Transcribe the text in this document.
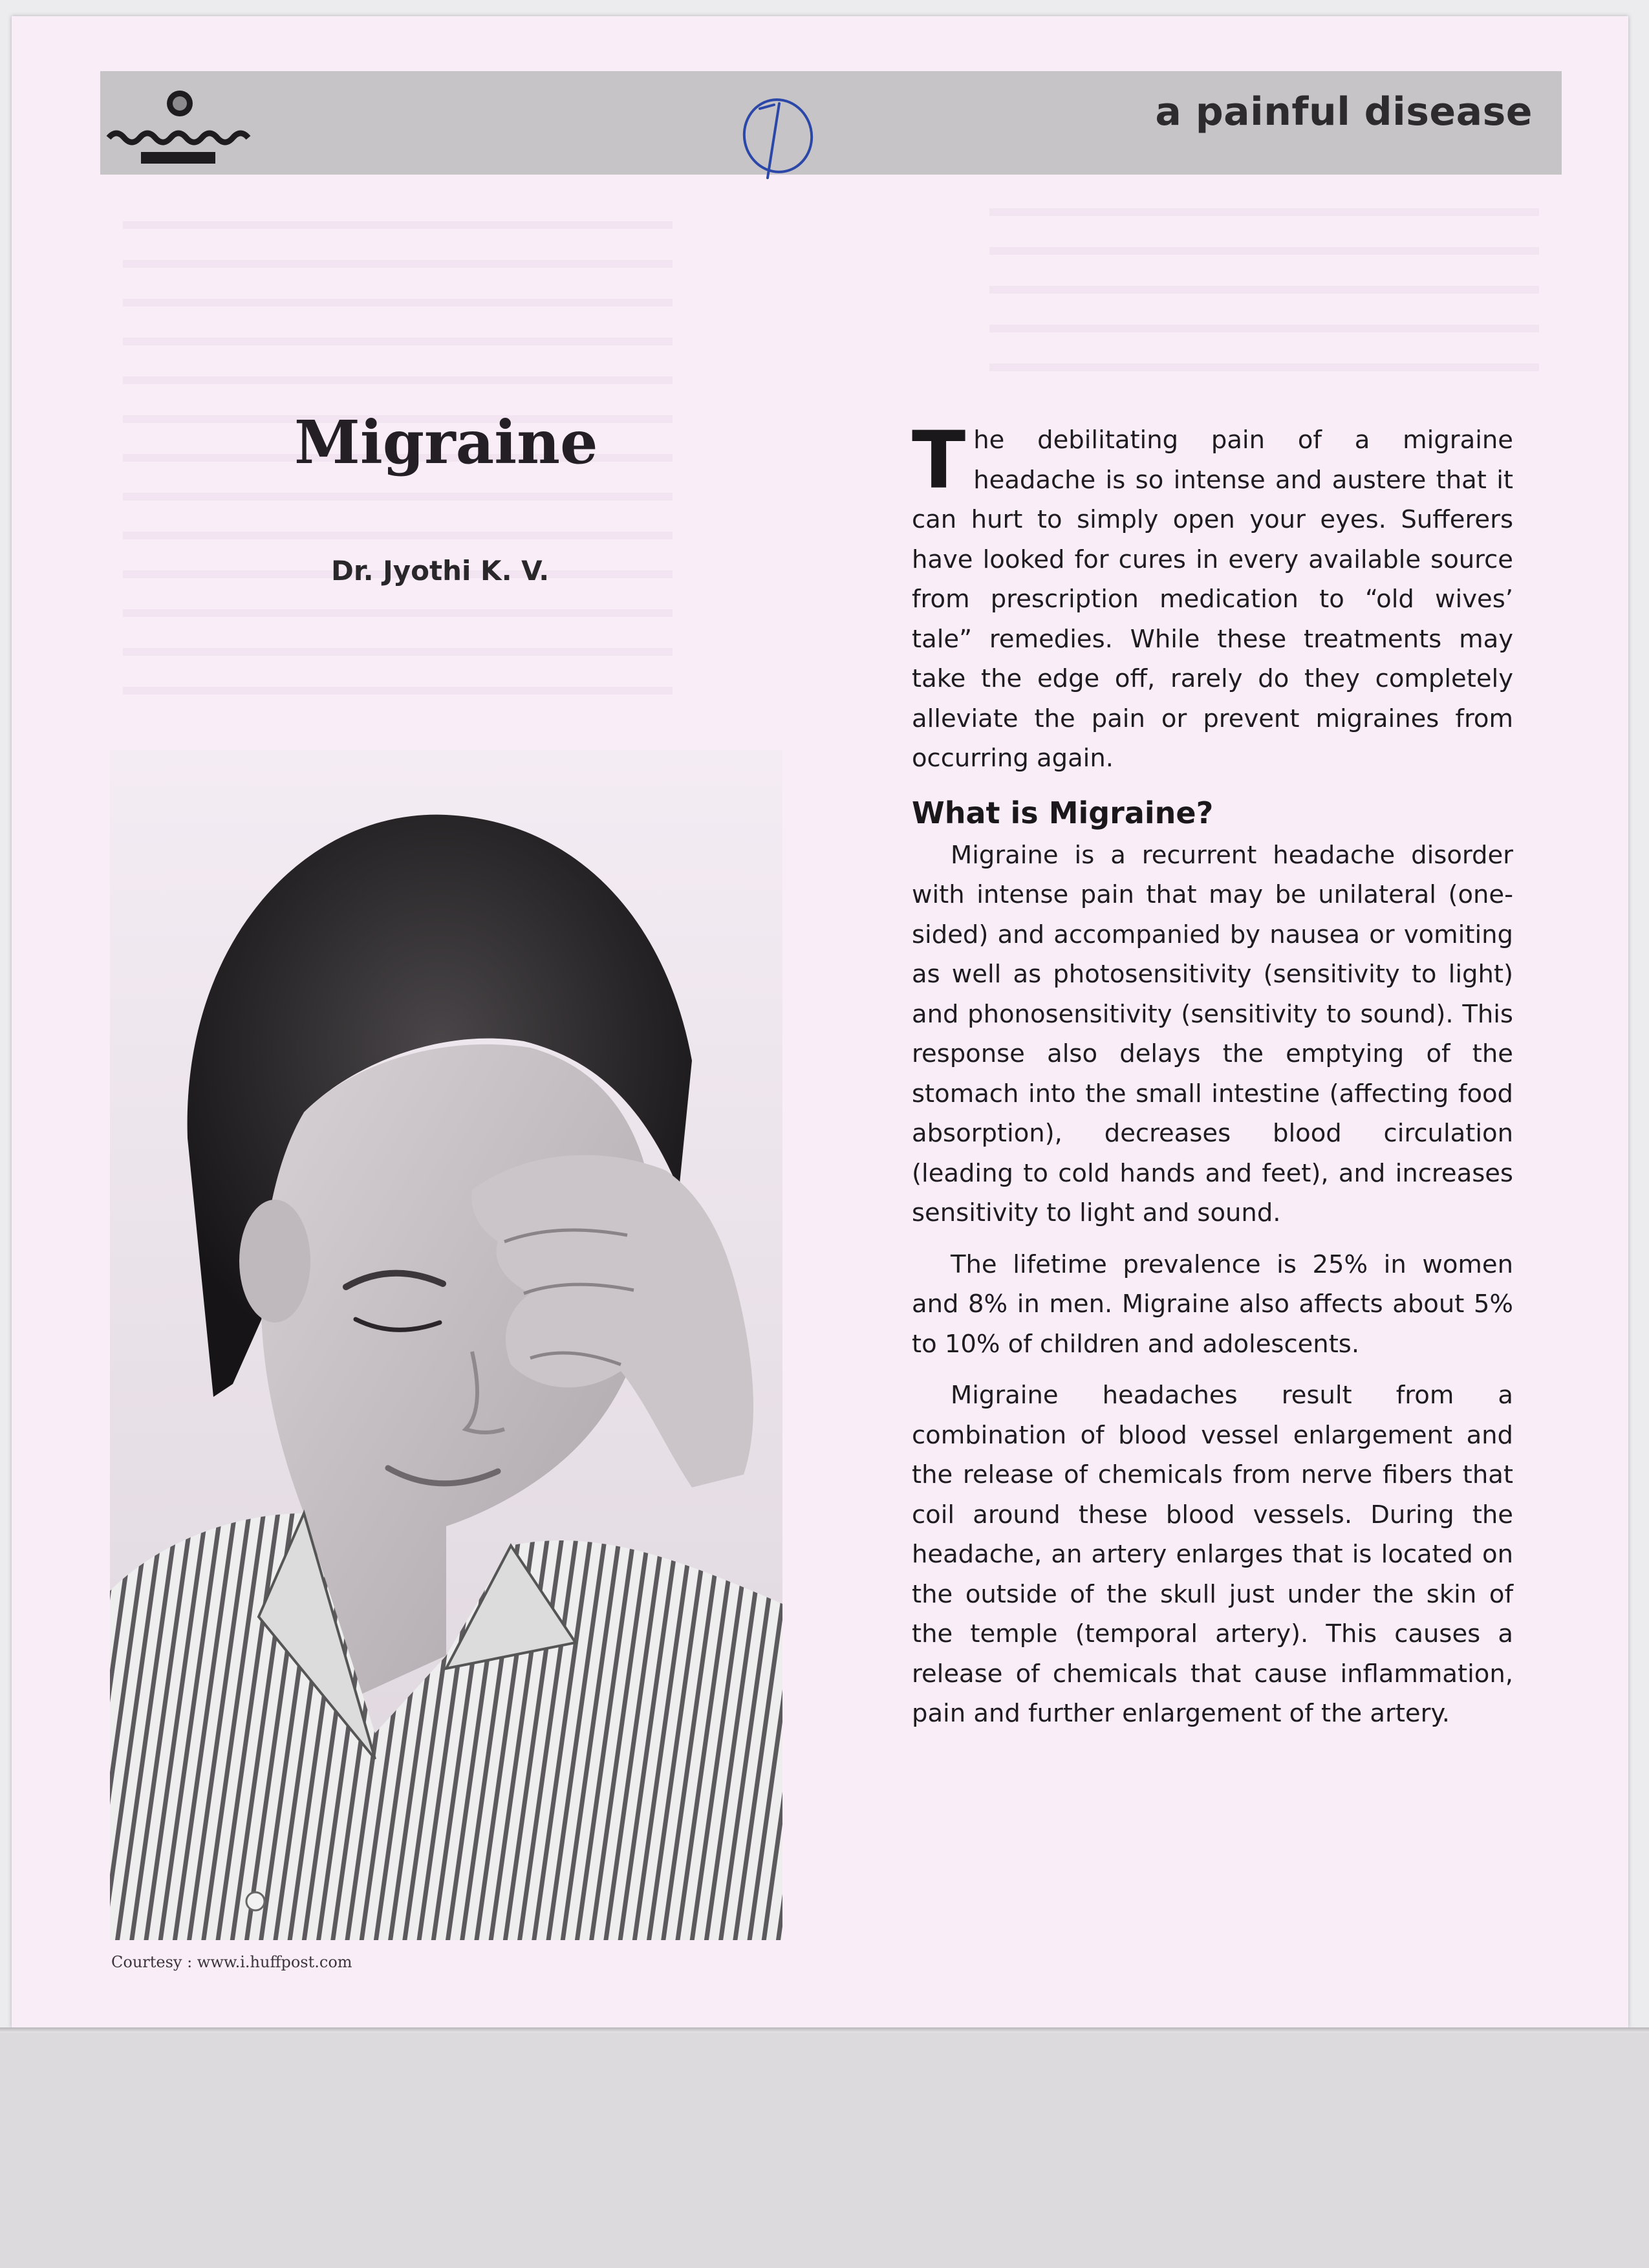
a painful disease
Migraine
Dr. Jyothi K. V.
Courtesy : www.i.huffpost.com

The debilitating pain of a migraine headache is so intense and austere that it can hurt to simply open your eyes. Sufferers have looked for cures in every available source from prescription medication to “old wives’ tale” remedies. While these treatments may take the edge off, rarely do they completely alleviate the pain or prevent migraines from occurring again.

What is Migraine?

Migraine is a recurrent headache disorder with intense pain that may be unilateral (one-sided) and accompanied by nausea or vomiting as well as photosensitivity (sensitivity to light) and phonosensitivity (sensitivity to sound). This response also delays the emptying of the stomach into the small intestine (affecting food absorption), decreases blood circulation (leading to cold hands and feet), and increases sensitivity to light and sound.

The lifetime prevalence is 25% in women and 8% in men. Migraine also affects about 5% to 10% of children and adolescents.

Migraine headaches result from a combination of blood vessel enlargement and the release of chemicals from nerve fibers that coil around these blood vessels. During the headache, an artery enlarges that is located on the outside of the skull just under the skin of the temple (temporal artery). This causes a release of chemicals that cause inflammation, pain and further enlargement of the artery.
